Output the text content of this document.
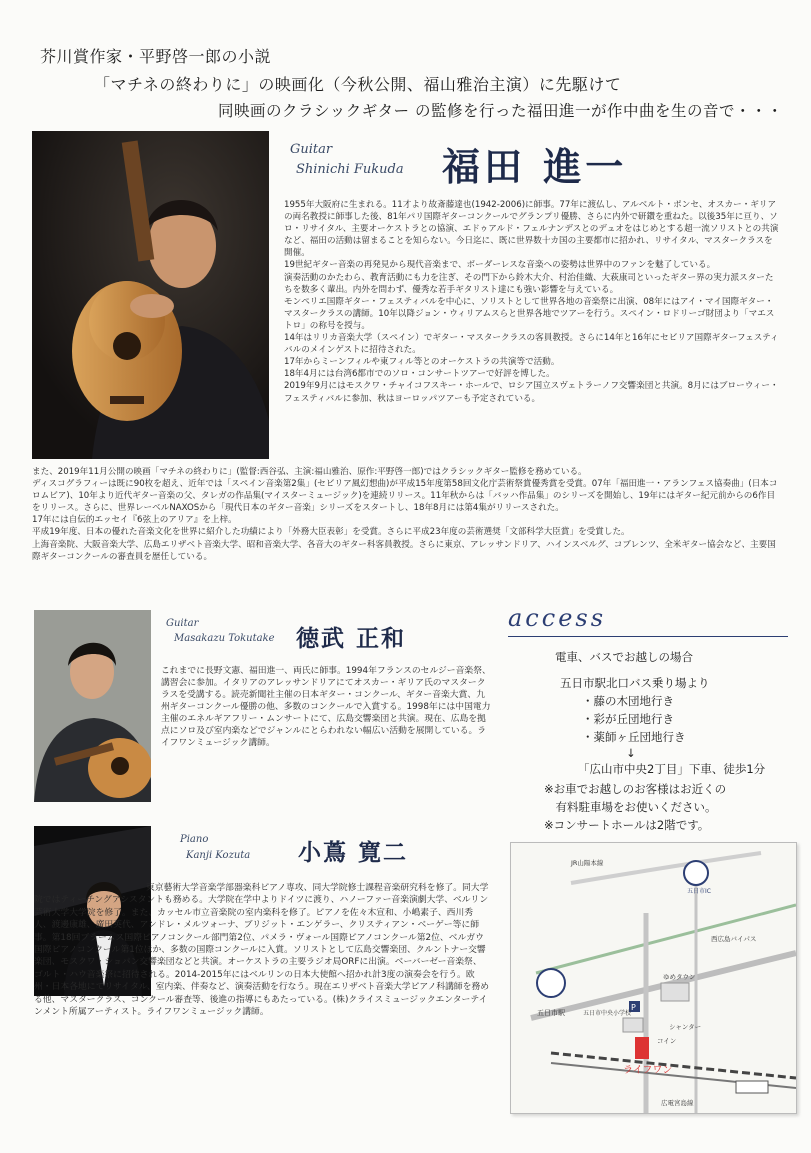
芥川賞作家・平野啓一郎の小説
「マチネの終わりに」の映画化（今秋公開、福山雅治主演）に先駆けて
同映画のクラシックギター の監修を行った福田進一が作中曲を生の音で・・・
Guitar
Shinichi Fukuda 福田 進一
1955年大阪府に生まれる。11才より故斎藤達也(1942-2006)に師事。77年に渡仏し、アルベルト・ポンセ、オスカー・ギリアの両名教授に師事した後、81年パリ国際ギターコンクールでグランプリ優勝、さらに内外で研鑽を重ねた。以後35年に亘り、ソロ・リサイタル、主要オーケストラとの協演、エドゥアルド・フェルナンデスとのデュオをはじめとする超一流ソリストとの共演など、福田の活動は留まることを知らない。今日迄に、既に世界数十カ国の主要都市に招かれ、リサイタル、マスタークラスを開催。
19世紀ギター音楽の再発見から現代音楽まで、ボーダーレスな音楽への姿勢は世界中のファンを魅了している。
演奏活動のかたわら、教育活動にも力を注ぎ、その門下から鈴木大介、村治佳織、大萩康司といったギター界の実力派スターたちを数多く輩出。内外を問わず、優秀な若手ギタリスト達にも強い影響を与えている。
モンペリエ国際ギター・フェスティバルを中心に、ソリストとして世界各地の音楽祭に出演、08年にはアイ・マイ国際ギター・マスタークラスの講師。10年以降ジョン・ウィリアムスらと世界各地でツアーを行う。スペイン・ロドリーゴ財団より「マエストロ」の称号を授与。
14年はリリカ音楽大学（スペイン）でギター・マスタークラスの客員教授。さらに14年と16年にセビリア国際ギターフェスティバルのメインゲストに招待された。
17年からミーンフィルや東フィル等とのオーケストラの共演等で活動。
18年4月には台湾6都市でのソロ・コンサートツアーで好評を博した。
2019年9月にはモスクワ・チャイコフスキー・ホールで、ロシア国立スヴェトラーノフ交響楽団と共演。8月にはブローウィー・フェスティバルに参加、秋はヨーロッパツアーも予定されている。
また、2019年11月公開の映画「マチネの終わりに」(監督:西谷弘、主演:福山雅治、原作:平野啓一郎)ではクラシックギター監修を務めている。
ディスコグラフィーは既に90枚を超え、近年では「スペイン音楽第2集」(セビリア風幻想曲)が平成15年度第58回文化庁芸術祭賞優秀賞を受賞。07年「福田進一・アランフェス協奏曲」(日本コロムビア)、10年より近代ギター音楽の父、タレガの作品集(マイスターミュージック)を連続リリース。11年秋からは「バッハ作品集」のシリーズを開始し、19年にはギター紀元前からの6作目をリリース。さらに、世界レーベルNAXOSから「現代日本のギター音楽」シリーズをスタートし、18年8月には第4集がリリースされた。
17年には自伝的エッセイ『6弦上のアリア』を上梓。
平成19年度、日本の優れた音楽文化を世界に紹介した功績により「外務大臣表彰」を受賞。さらに平成23年度の芸術選奨「文部科学大臣賞」を受賞した。
上海音楽院、大阪音楽大学、広島エリザベト音楽大学、昭和音楽大学、各音大のギター科客員教授。さらに東京、アレッサンドリア、ハインスベルグ、コブレンツ、全米ギター協会など、主要国際ギターコンクールの審査員を歴任している。
Guitar
Masakazu Tokutake 徳武 正和
これまでに長野文憲、福田進一、両氏に師事。1994年フランスのセルジー音楽祭、講習会に参加。イタリアのアレッサンドリアにてオスカー・ギリア氏のマスタークラスを受講する。読売新聞社主催の日本ギター・コンクール、ギター音楽大賞、九州ギターコンクール優勝の他、多数のコンクールで入賞する。1998年には中国電力主催のエネルギアフリー・ムンサートにて、広島交響楽団と共演。現在、広島を拠点にソロ及び室内楽などでジャンルにとらわれない幅広い活動を展開している。ライフワンミュージック講師。
Piano
Kanji Kozuta 小蔦 寛二
東京藝術大学音楽学部器楽科ピアノ専攻、同大学院修士課程音楽研究科を修了。同大学院ではティーチングアシスタントも務める。大学院在学中よりドイツに渡り、ハノーファー音楽演劇大学、ベルリン芸術大学大学院を修了。また、カッセル市立音楽院の室内楽科を修了。ピアノを佐々木宣和、小嶋素子、西川秀人、渡邊康雄、廣田英代、アンドレ・メルツォーナ、ブリジット・エンゲラー、クリスティアン・ベーゲー等に師事。第18回ブラームス国際ピアノコンクール部門第2位、パメラ・ヴォール国際ピアノコンクール第2位、ベルガウ国際ピアノコンクール第1位ほか、多数の国際コンクールに入賞。ソリストとして広島交響楽団、クルントナー交響楽団、モスクワ・ショパン交響楽団などと共演。オーケストラの主要ラジオ局ORFに出演。ベーバーゼー音楽祭、ゴルト・ハウ音楽祭に招待される。2014-2015年にはベルリンの日本大使館へ招かれ計3度の演奏会を行う。欧州・日本各地にてリサイタル、室内楽、伴奏など、演奏活動を行なう。現在エリザベト音楽大学ピアノ科講師を務める他、マスタークラス、コンクール審査等、後進の指導にもあたっている。(株)クライスミュージックエンターテインメント所属アーティスト。ライフワンミュージック講師。
access
電車、バスでお越しの場合
五日市駅北口バス乗り場より
・藤の木団地行き
・彩が丘団地行き
・薬師ヶ丘団地行き
↓
「広山市中央2丁目」下車、徒歩1分
※お車でお越しのお客様はお近くの
　有料駐車場をお使いください。
※コンサートホールは2階です。
ライフワン
五日市駅
ゆめタウン
五日市中央小学校
コイン
シャンター
五日市IC
西広島バイパス
P
広電宮島線
JR山陽本線
